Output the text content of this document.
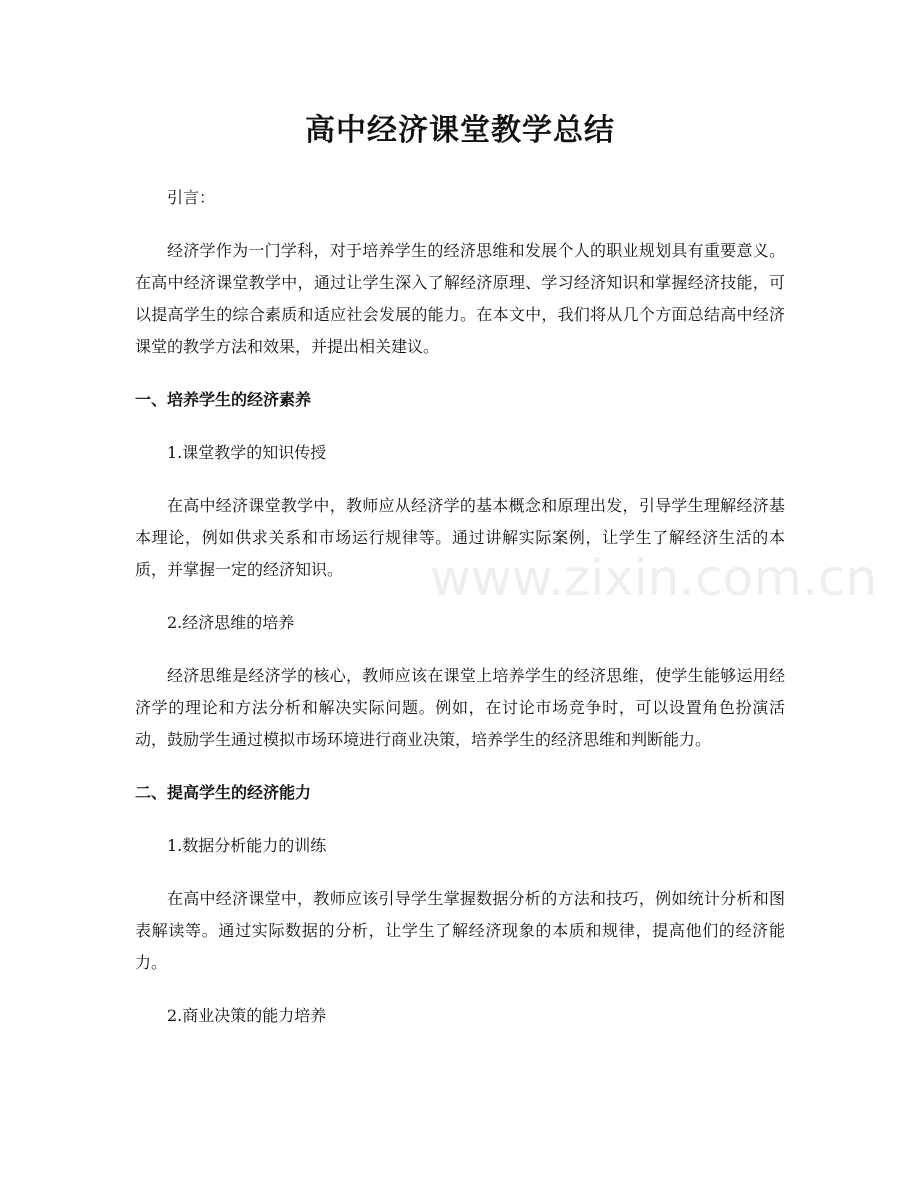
高中经济课堂教学总结

引言：

经济学作为一门学科，对于培养学生的经济思维和发展个人的职业规划具有重要意义。在高中经济课堂教学中，通过让学生深入了解经济原理、学习经济知识和掌握经济技能，可以提高学生的综合素质和适应社会发展的能力。在本文中，我们将从几个方面总结高中经济课堂的教学方法和效果，并提出相关建议。

一、培养学生的经济素养

1.课堂教学的知识传授

在高中经济课堂教学中，教师应从经济学的基本概念和原理出发，引导学生理解经济基本理论，例如供求关系和市场运行规律等。通过讲解实际案例，让学生了解经济生活的本质，并掌握一定的经济知识。

2.经济思维的培养

经济思维是经济学的核心，教师应该在课堂上培养学生的经济思维，使学生能够运用经济学的理论和方法分析和解决实际问题。例如，在讨论市场竞争时，可以设置角色扮演活动，鼓励学生通过模拟市场环境进行商业决策，培养学生的经济思维和判断能力。

二、提高学生的经济能力

1.数据分析能力的训练

在高中经济课堂中，教师应该引导学生掌握数据分析的方法和技巧，例如统计分析和图表解读等。通过实际数据的分析，让学生了解经济现象的本质和规律，提高他们的经济能力。

2.商业决策的能力培养

www.zixin.com.cn
